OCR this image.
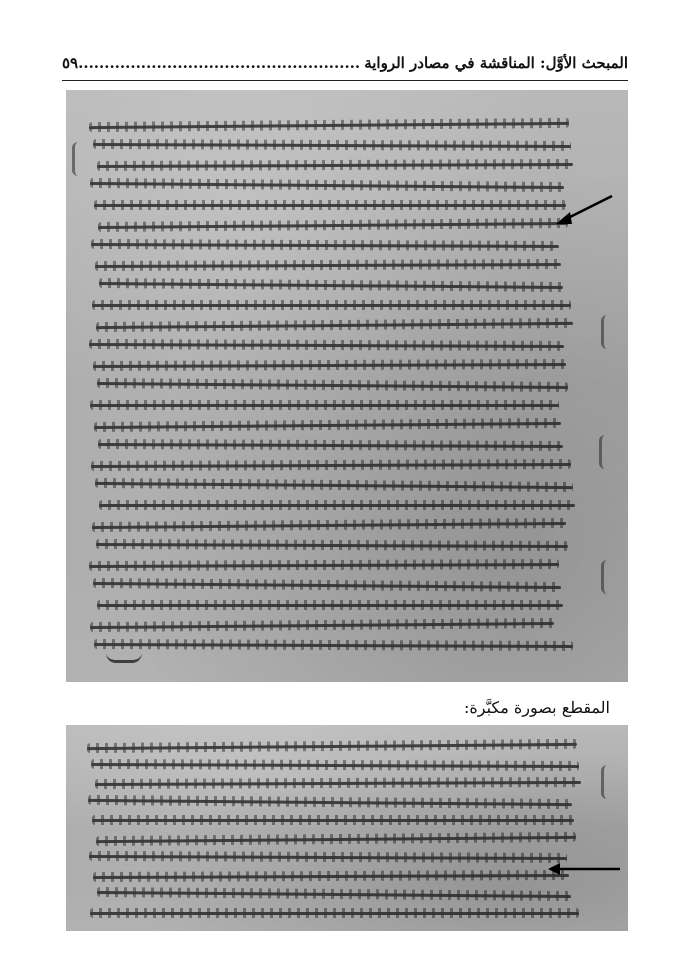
٥٩...................................................... المبحث الأوَّل: المناقشة في مصادر الرواية
المقطع بصورة مكبَّرة:
